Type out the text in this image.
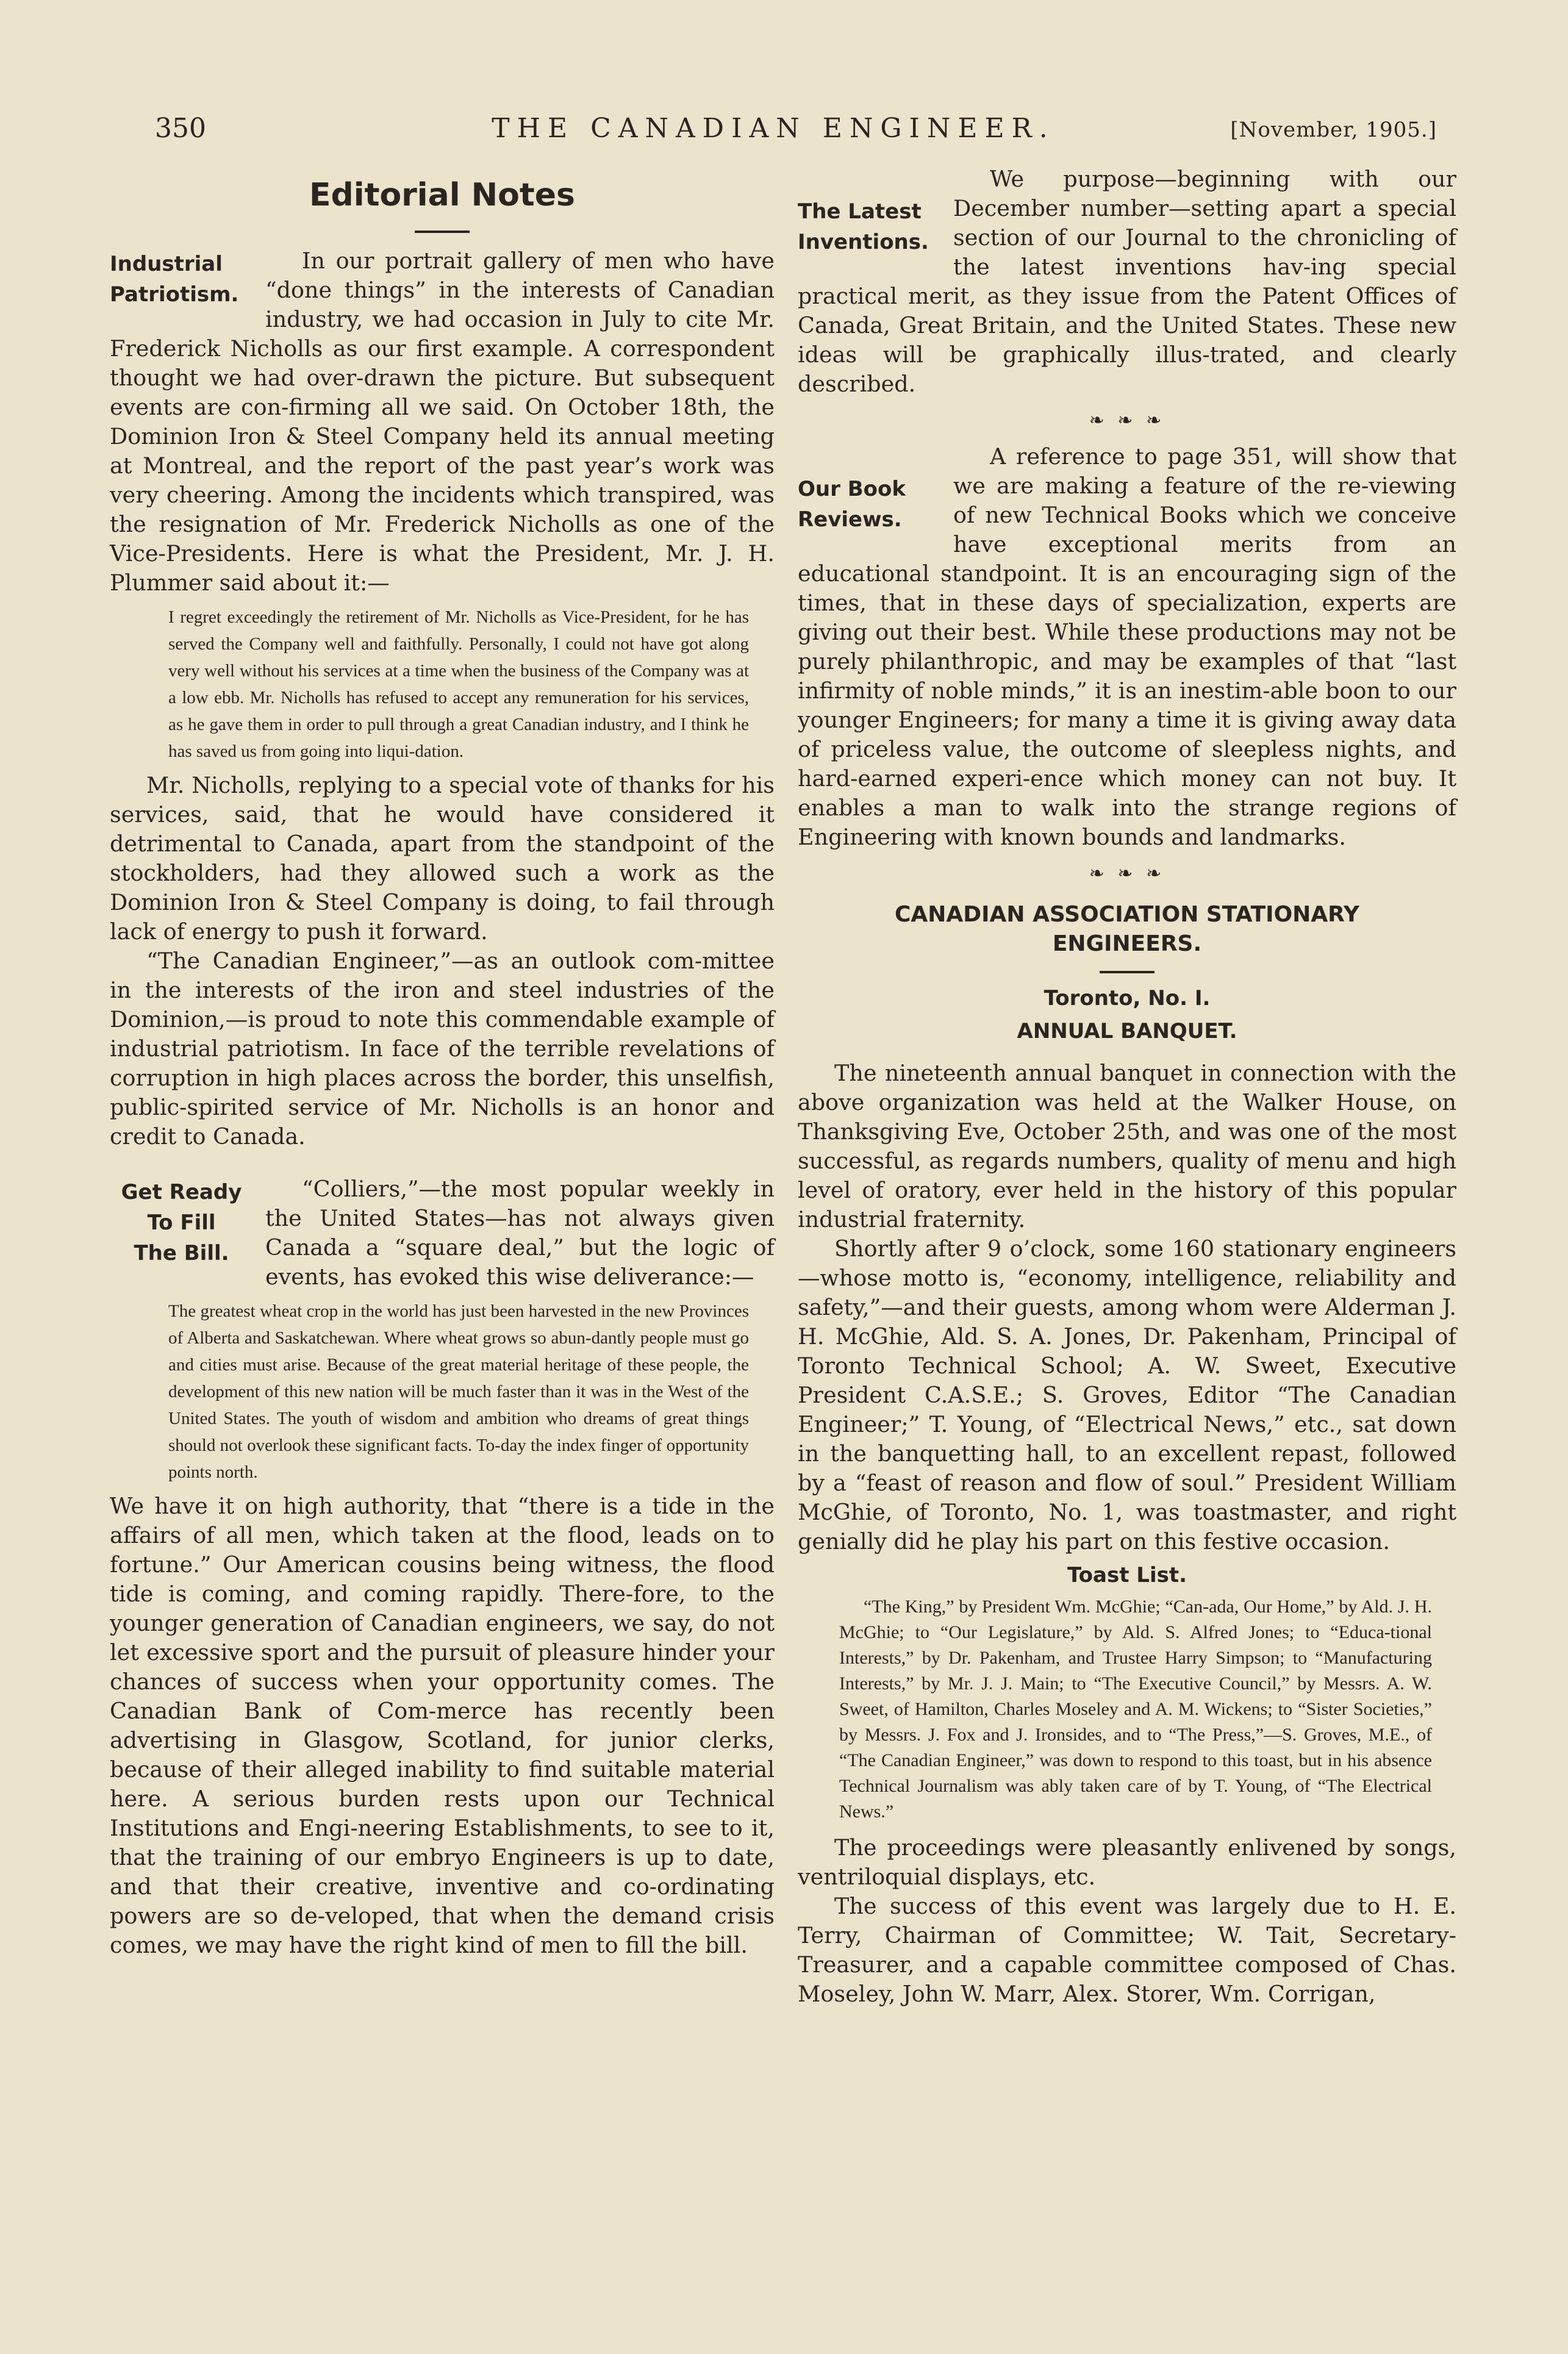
350	THE CANADIAN ENGINEER.	[November, 1905.]
Editorial Notes
Industrial
Patriotism.

In our portrait gallery of men who have “done things” in the interests of Canadian industry, we had occasion in July to cite Mr. Frederick Nicholls as our first example. A correspondent thought we had over-drawn the picture. But subsequent events are con-firming all we said. On October 18th, the Dominion Iron & Steel Company held its annual meeting at Montreal, and the report of the past year’s work was very cheering. Among the incidents which transpired, was the resignation of Mr. Frederick Nicholls as one of the Vice-Presidents. Here is what the President, Mr. J. H. Plummer said about it:—

I regret exceedingly the retirement of Mr. Nicholls as Vice-President, for he has served the Company well and faithfully. Personally, I could not have got along very well without his services at a time when the business of the Company was at a low ebb. Mr. Nicholls has refused to accept any remuneration for his services, as he gave them in order to pull through a great Canadian industry, and I think he has saved us from going into liqui-dation.

Mr. Nicholls, replying to a special vote of thanks for his services, said, that he would have considered it detrimental to Canada, apart from the standpoint of the stockholders, had they allowed such a work as the Dominion Iron & Steel Company is doing, to fail through lack of energy to push it forward.

“The Canadian Engineer,”—as an outlook com-mittee in the interests of the iron and steel industries of the Dominion,—is proud to note this commendable example of industrial patriotism. In face of the terrible revelations of corruption in high places across the border, this unselfish, public-spirited service of Mr. Nicholls is an honor and credit to Canada.

Get Ready
To Fill
The Bill.

“Colliers,”—the most popular weekly in the United States—has not always given Canada a “square deal,” but the logic of events, has evoked this wise deliverance:—

The greatest wheat crop in the world has just been harvested in the new Provinces of Alberta and Saskatchewan. Where wheat grows so abun-dantly people must go and cities must arise. Because of the great material heritage of these people, the development of this new nation will be much faster than it was in the West of the United States. The youth of wisdom and ambition who dreams of great things should not overlook these significant facts. To-day the index finger of opportunity points north.

We have it on high authority, that “there is a tide in the affairs of all men, which taken at the flood, leads on to fortune.” Our American cousins being witness, the flood tide is coming, and coming rapidly. There-fore, to the younger generation of Canadian engineers, we say, do not let excessive sport and the pursuit of pleasure hinder your chances of success when your opportunity comes. The Canadian Bank of Com-merce has recently been advertising in Glasgow, Scotland, for junior clerks, because of their alleged inability to find suitable material here. A serious burden rests upon our Technical Institutions and Engi-neering Establishments, to see to it, that the training of our embryo Engineers is up to date, and that their creative, inventive and co-ordinating powers are so de-veloped, that when the demand crisis comes, we may have the right kind of men to fill the bill.

The Latest
Inventions.

We purpose—beginning with our December number—setting apart a special section of our Journal to the chronicling of the latest inventions hav-ing special practical merit, as they issue from the Patent Offices of Canada, Great Britain, and the United States. These new ideas will be graphically illus-trated, and clearly described.

❧ ❧ ❧
Our Book
Reviews.

A reference to page 351, will show that we are making a feature of the re-viewing of new Technical Books which we conceive have exceptional merits from an educational standpoint. It is an encouraging sign of the times, that in these days of specialization, experts are giving out their best. While these productions may not be purely philanthropic, and may be examples of that “last infirmity of noble minds,” it is an inestim-able boon to our younger Engineers; for many a time it is giving away data of priceless value, the outcome of sleepless nights, and hard-earned experi-ence which money can not buy. It enables a man to walk into the strange regions of Engineering with known bounds and landmarks.

❧ ❧ ❧
CANADIAN ASSOCIATION STATIONARY
ENGINEERS.
Toronto, No. I.
ANNUAL BANQUET.

The nineteenth annual banquet in connection with the above organization was held at the Walker House, on Thanksgiving Eve, October 25th, and was one of the most successful, as regards numbers, quality of menu and high level of oratory, ever held in the history of this popular industrial fraternity.

Shortly after 9 o’clock, some 160 stationary engineers—whose motto is, “economy, intelligence, reliability and safety,”—and their guests, among whom were Alderman J. H. McGhie, Ald. S. A. Jones, Dr. Pakenham, Principal of Toronto Technical School; A. W. Sweet, Executive President C.A.S.E.; S. Groves, Editor “The Canadian Engineer;” T. Young, of “Electrical News,” etc., sat down in the banquetting hall, to an excellent repast, followed by a “feast of reason and flow of soul.” President William McGhie, of Toronto, No. 1, was toastmaster, and right genially did he play his part on this festive occasion.

Toast List.
“The King,” by President Wm. McGhie; “Can-ada, Our Home,” by Ald. J. H. McGhie; to “Our Legislature,” by Ald. S. Alfred Jones; to “Educa-tional Interests,” by Dr. Pakenham, and Trustee Harry Simpson; to “Manufacturing Interests,” by Mr. J. J. Main; to “The Executive Council,” by Messrs. A. W. Sweet, of Hamilton, Charles Moseley and A. M. Wickens; to “Sister Societies,” by Messrs. J. Fox and J. Ironsides, and to “The Press,”—S. Groves, M.E., of “The Canadian Engineer,” was down to respond to this toast, but in his absence Technical Journalism was ably taken care of by T. Young, of “The Electrical News.”

The proceedings were pleasantly enlivened by songs, ventriloquial displays, etc.

The success of this event was largely due to H. E. Terry, Chairman of Committee; W. Tait, Secretary-Treasurer, and a capable committee composed of Chas. Moseley, John W. Marr, Alex. Storer, Wm. Corrigan,
